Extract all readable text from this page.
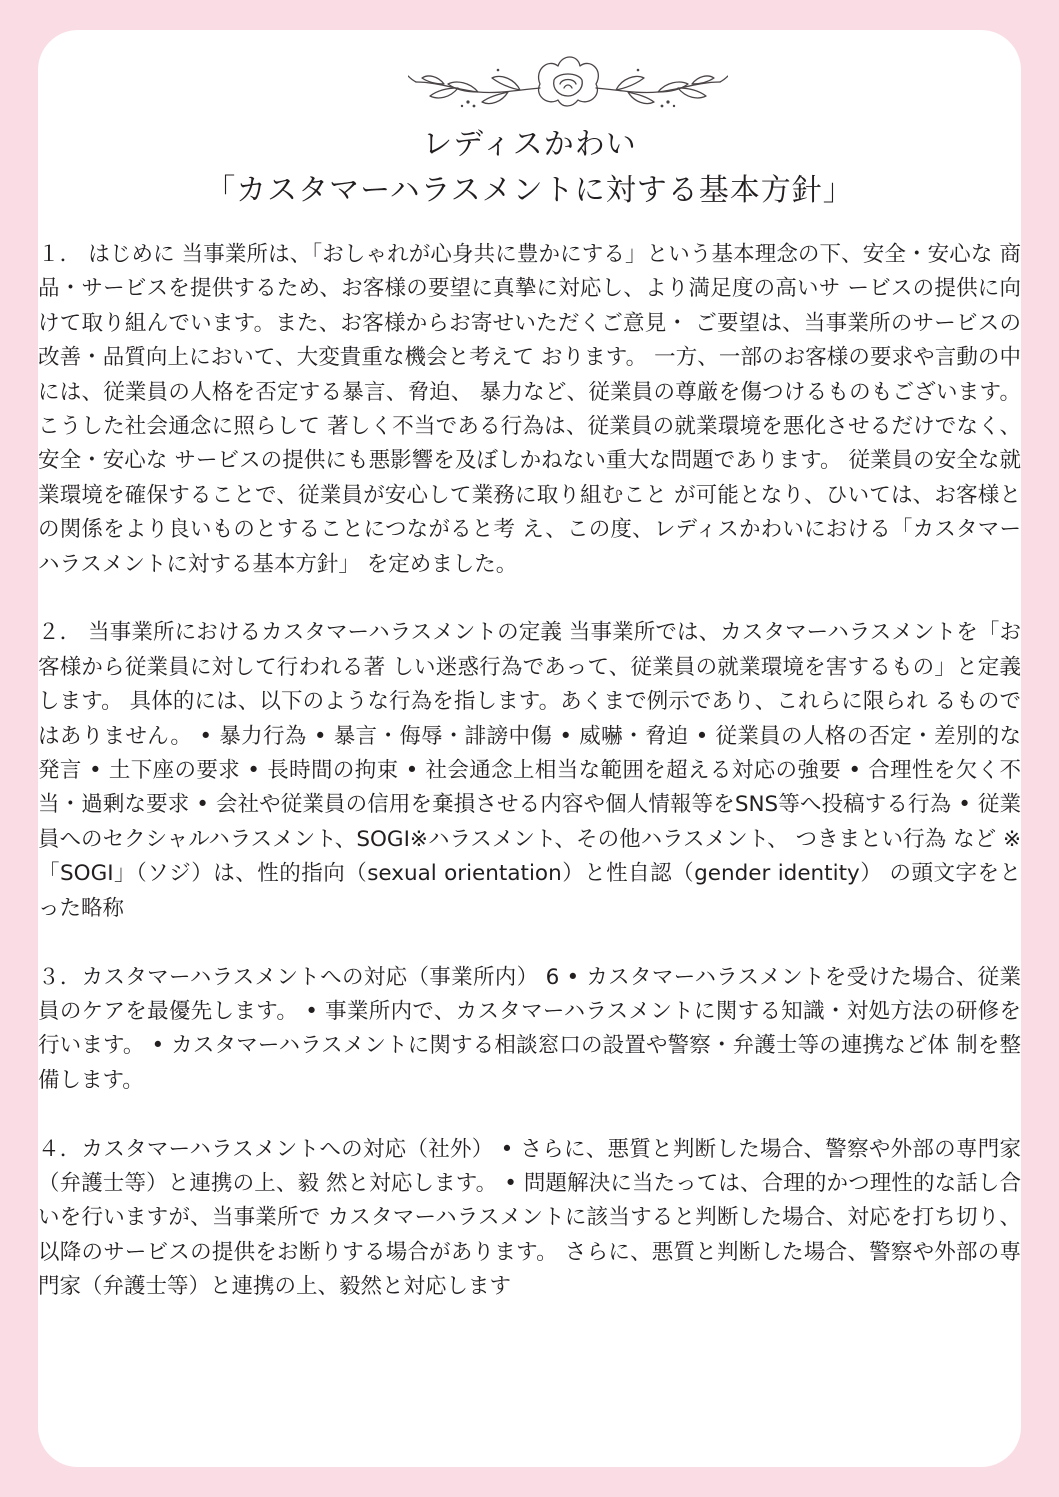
レディスかわい
「カスタマーハラスメントに対する基本方針」
１． はじめに 当事業所は、「おしゃれが心身共に豊かにする」という基本理念の下、安全・安心な 商品・サービスを提供するため、お客様の要望に真摯に対応し、より満足度の高いサ ービスの提供に向けて取り組んでいます。また、お客様からお寄せいただくご意見・ ご要望は、当事業所のサービスの改善・品質向上において、大変貴重な機会と考えて おります。 一方、一部のお客様の要求や言動の中には、従業員の人格を否定する暴言、脅迫、 暴力など、従業員の尊厳を傷つけるものもございます。こうした社会通念に照らして 著しく不当である行為は、従業員の就業環境を悪化させるだけでなく、安全・安心な サービスの提供にも悪影響を及ぼしかねない重大な問題であります。 従業員の安全な就業環境を確保することで、従業員が安心して業務に取り組むこと が可能となり、ひいては、お客様との関係をより良いものとすることにつながると考 え、この度、レディスかわいにおける「カスタマーハラスメントに対する基本方針」 を定めました。
２． 当事業所におけるカスタマーハラスメントの定義 当事業所では、カスタマーハラスメントを「お客様から従業員に対して行われる著 しい迷惑行為であって、従業員の就業環境を害するもの」と定義します。 具体的には、以下のような行為を指します。あくまで例示であり、これらに限られ るものではありません。 • 暴力行為 • 暴言・侮辱・誹謗中傷 • 威嚇・脅迫 • 従業員の人格の否定・差別的な発言 • 土下座の要求 • 長時間の拘束 • 社会通念上相当な範囲を超える対応の強要 • 合理性を欠く不当・過剰な要求 • 会社や従業員の信用を棄損させる内容や個人情報等をSNS等へ投稿する行為 • 従業員へのセクシャルハラスメント、SOGI※ハラスメント、その他ハラスメント、 つきまとい行為 など ※「SOGI」（ソジ）は、性的指向（sexual orientation）と性自認（gender identity） の頭文字をとった略称
３．カスタマーハラスメントへの対応（事業所内） 6 • カスタマーハラスメントを受けた場合、従業員のケアを最優先します。 • 事業所内で、カスタマーハラスメントに関する知識・対処方法の研修を行います。 • カスタマーハラスメントに関する相談窓口の設置や警察・弁護士等の連携など体 制を整備します。
４．カスタマーハラスメントへの対応（社外） • さらに、悪質と判断した場合、警察や外部の専門家（弁護士等）と連携の上、毅 然と対応します。 • 問題解決に当たっては、合理的かつ理性的な話し合いを行いますが、当事業所で カスタマーハラスメントに該当すると判断した場合、対応を打ち切り、以降のサービスの提供をお断りする場合があります。 さらに、悪質と判断した場合、警察や外部の専門家（弁護士等）と連携の上、毅然と対応します
